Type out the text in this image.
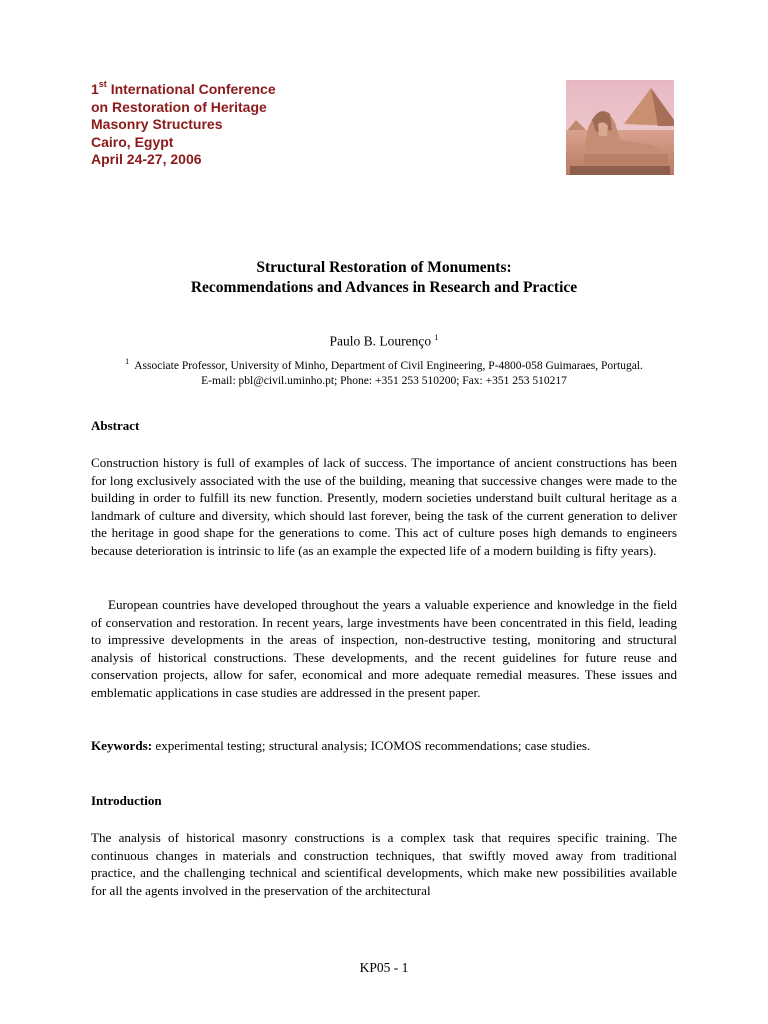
1st International Conference
on Restoration of Heritage
Masonry Structures
Cairo, Egypt
April 24-27, 2006
Structural Restoration of Monuments:
Recommendations and Advances in Research and Practice
Paulo B. Lourenço $^1$
$^1$ Associate Professor, University of Minho, Department of Civil Engineering, P-4800-058 Guimaraes, Portugal.
E-mail: pbl@civil.uminho.pt; Phone: +351 253 510200; Fax: +351 253 510217
Abstract
Construction history is full of examples of lack of success. The importance of ancient constructions has been for long exclusively associated with the use of the building, meaning that successive changes were made to the building in order to fulfill its new function. Presently, modern societies understand built cultural heritage as a landmark of culture and diversity, which should last forever, being the task of the current generation to deliver the heritage in good shape for the generations to come. This act of culture poses high demands to engineers because deterioration is intrinsic to life (as an example the expected life of a modern building is fifty years).
European countries have developed throughout the years a valuable experience and knowledge in the field of conservation and restoration. In recent years, large investments have been concentrated in this field, leading to impressive developments in the areas of inspection, non-destructive testing, monitoring and structural analysis of historical constructions. These developments, and the recent guidelines for future reuse and conservation projects, allow for safer, economical and more adequate remedial measures. These issues and emblematic applications in case studies are addressed in the present paper.
Keywords: experimental testing; structural analysis; ICOMOS recommendations; case studies.
Introduction
The analysis of historical masonry constructions is a complex task that requires specific training. The continuous changes in materials and construction techniques, that swiftly moved away from traditional practice, and the challenging technical and scientifical developments, which make new possibilities available for all the agents involved in the preservation of the architectural
KP05 - 1
